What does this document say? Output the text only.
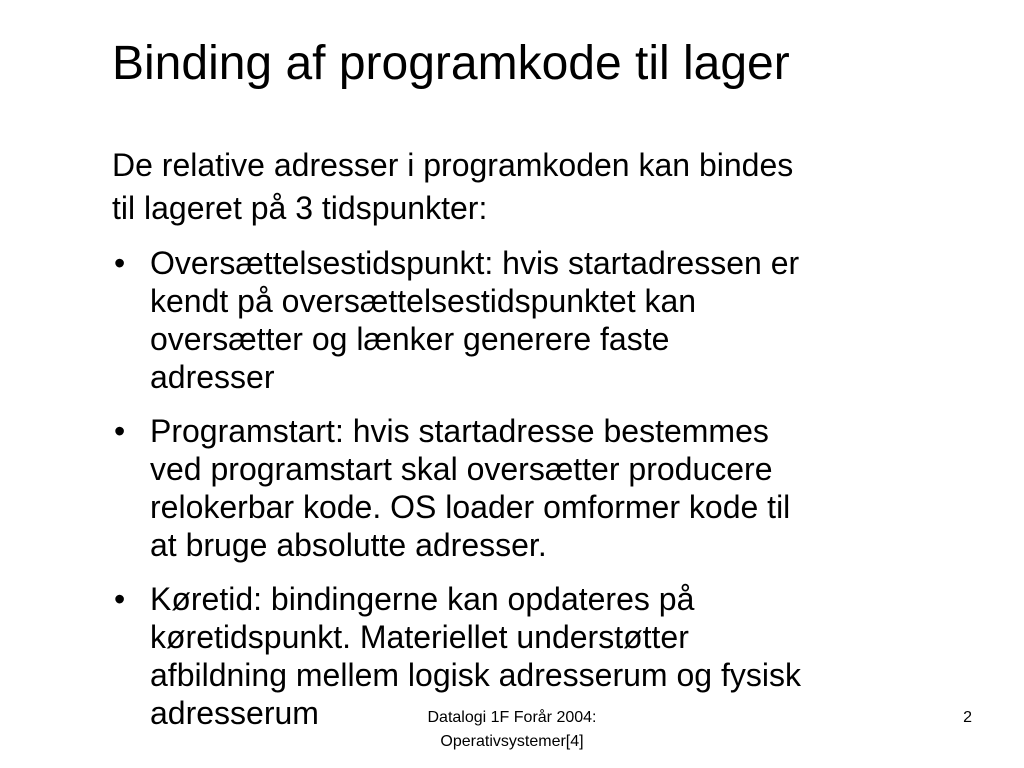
Binding af programkode til lager
De relative adresser i programkoden kan bindes
til lageret på 3 tidspunkter:
• Oversættelsestidspunkt: hvis startadressen er
kendt på oversættelsestidspunktet kan
oversætter og lænker generere faste
adresser
• Programstart: hvis startadresse bestemmes
ved programstart skal oversætter producere
relokerbar kode. OS loader omformer kode til
at bruge absolutte adresser.
• Køretid: bindingerne kan opdateres på
køretidspunkt. Materiellet understøtter
afbildning mellem logisk adresserum og fysisk
adresserum	Datalogi 1F Forår 2004:
Operativsystemer[4]
2
